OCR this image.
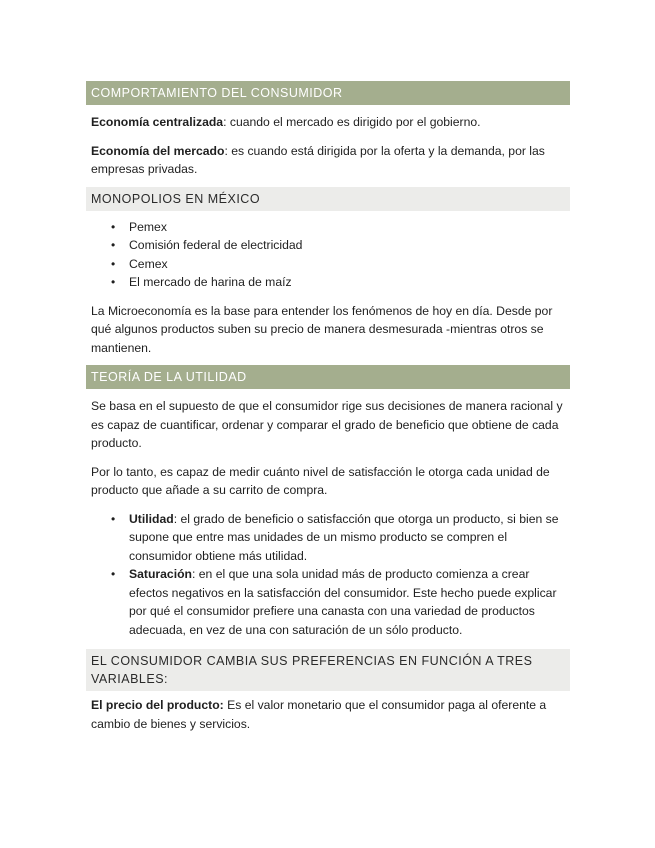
COMPORTAMIENTO DEL CONSUMIDOR

Economía centralizada: cuando el mercado es dirigido por el gobierno.

Economía del mercado: es cuando está dirigida por la oferta y la demanda, por las empresas privadas.

MONOPOLIOS EN MÉXICO
• Pemex
• Comisión federal de electricidad
• Cemex
• El mercado de harina de maíz

La Microeconomía es la base para entender los fenómenos de hoy en día. Desde por qué algunos productos suben su precio de manera desmesurada -mientras otros se mantienen.

TEORÍA DE LA UTILIDAD

Se basa en el supuesto de que el consumidor rige sus decisiones de manera racional y es capaz de cuantificar, ordenar y comparar el grado de beneficio que obtiene de cada producto.

Por lo tanto, es capaz de medir cuánto nivel de satisfacción le otorga cada unidad de producto que añade a su carrito de compra.

• Utilidad: el grado de beneficio o satisfacción que otorga un producto, si bien se supone que entre mas unidades de un mismo producto se compren el consumidor obtiene más utilidad.
• Saturación: en el que una sola unidad más de producto comienza a crear efectos negativos en la satisfacción del consumidor. Este hecho puede explicar por qué el consumidor prefiere una canasta con una variedad de productos adecuada, en vez de una con saturación de un sólo producto.
EL CONSUMIDOR CAMBIA SUS PREFERENCIAS EN FUNCIÓN A TRES VARIABLES:

El precio del producto: Es el valor monetario que el consumidor paga al oferente a cambio de bienes y servicios.
